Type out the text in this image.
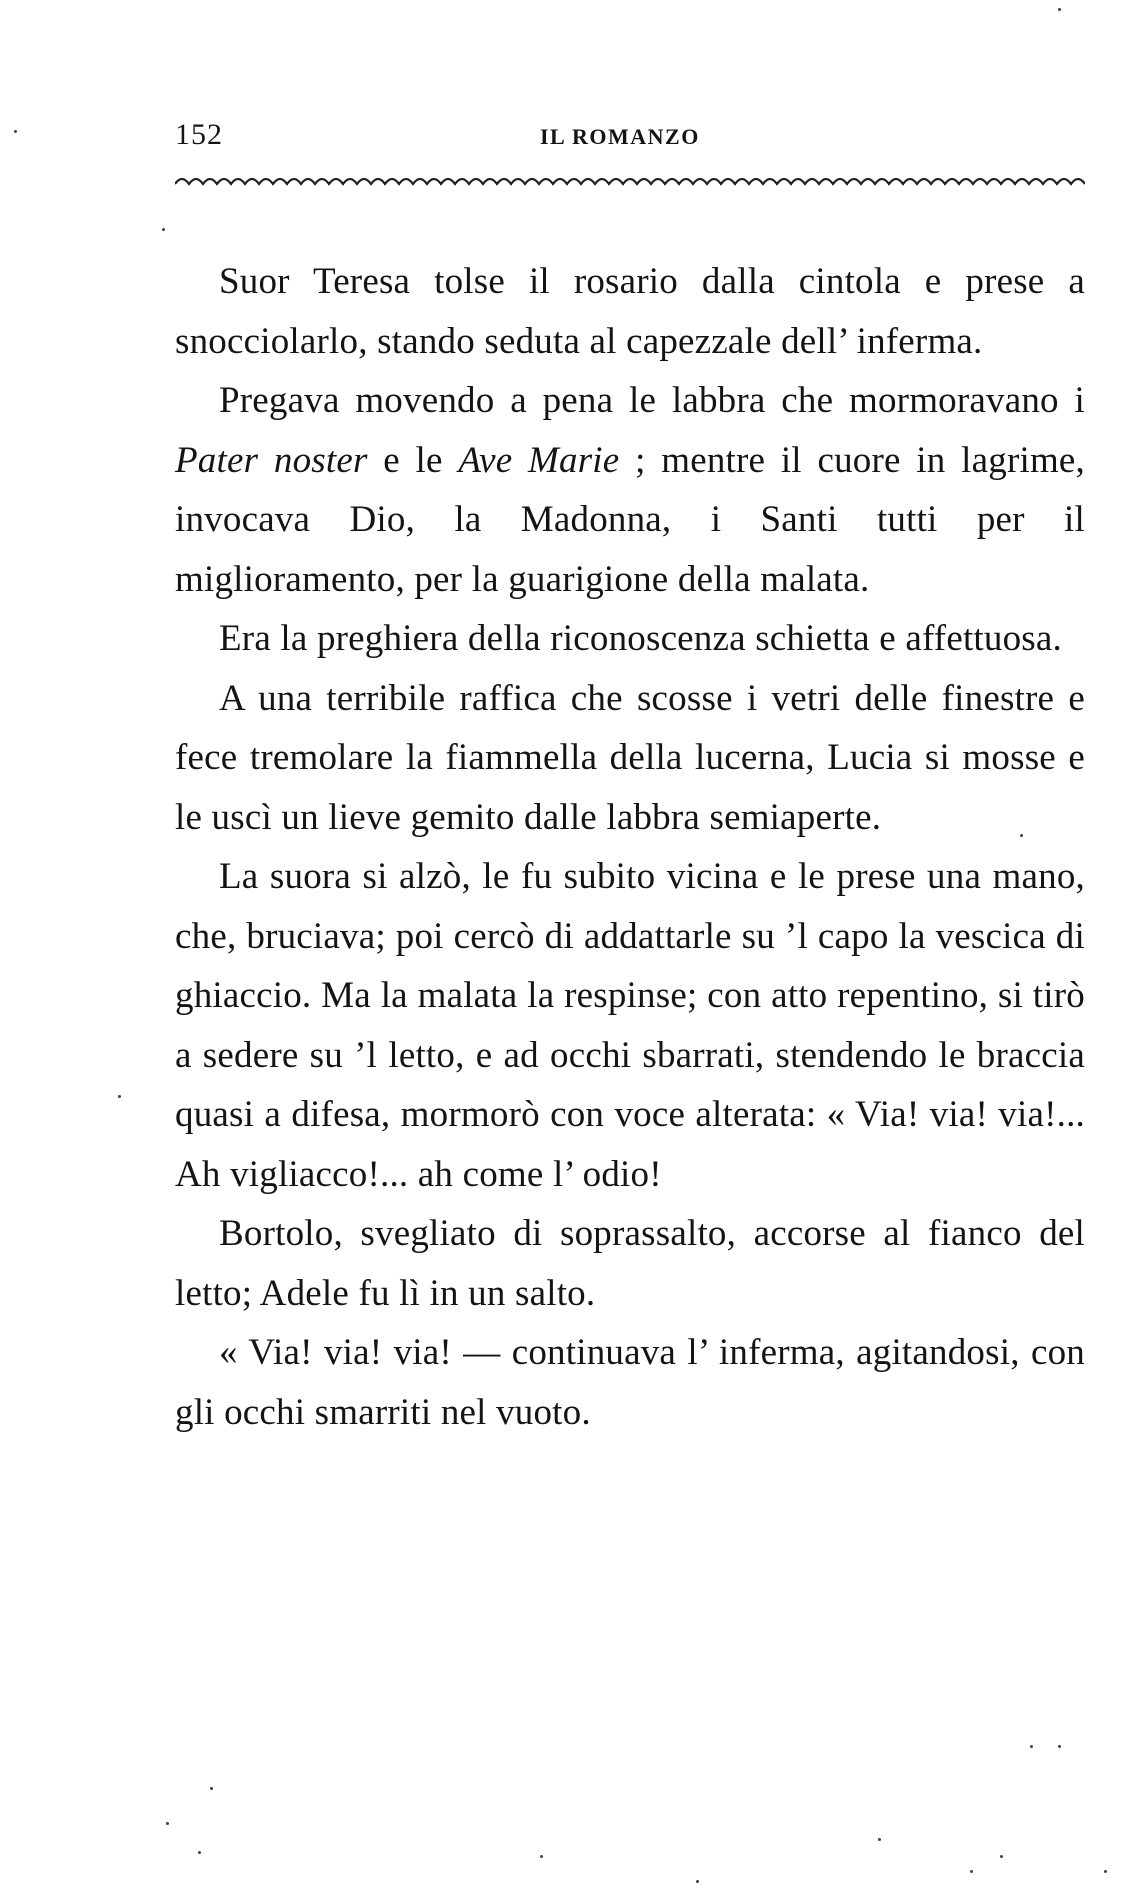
152	IL ROMANZO

Suor Teresa tolse il rosario dalla cintola e prese a snocciolarlo, stando seduta al capezzale dell’ inferma.

Pregava movendo a pena le labbra che mormoravano i Pater noster e le Ave Marie ; mentre il cuore in lagrime, invocava Dio, la Madonna, i Santi tutti per il miglioramento, per la guarigione della malata.

Era la preghiera della riconoscenza schietta e affettuosa.

A una terribile raffica che scosse i vetri delle finestre e fece tremolare la fiammella della lucerna, Lucia si mosse e le uscì un lieve gemito dalle labbra semiaperte.

La suora si alzò, le fu subito vicina e le prese una mano, che, bruciava; poi cercò di addattarle su ’l capo la vescica di ghiaccio. Ma la malata la respinse; con atto repentino, si tirò a sedere su ’l letto, e ad occhi sbarrati, stendendo le braccia quasi a difesa, mormorò con voce alterata: « Via! via! via!... Ah vigliacco!... ah come l’ odio!

Bortolo, svegliato di soprassalto, accorse al fianco del letto; Adele fu lì in un salto.

« Via! via! via! — continuava l’ inferma, agitandosi, con gli occhi smarriti nel vuoto.
